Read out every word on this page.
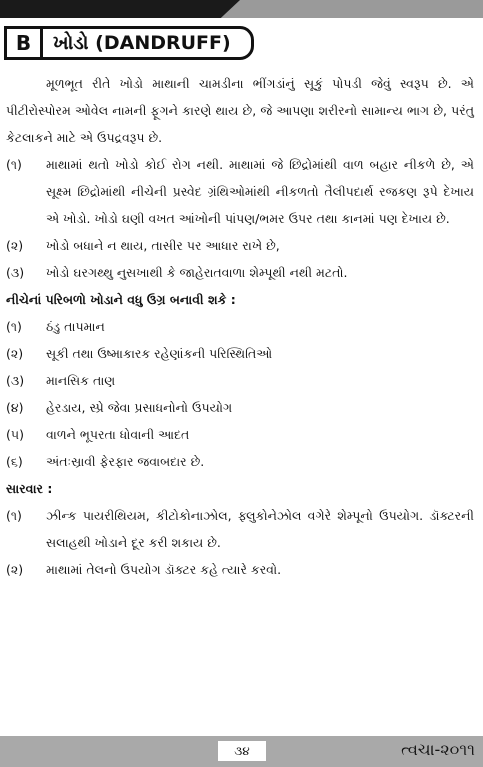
B	ખોડો (DANDRUFF)

મૂળભૂત રીતે ખોડો માથાની ચામડીના ભીંગડાંનું સૂકું પોપડી જેવું સ્વરૂપ છે. એ પીટીરોસ્પોરમ ઓવેલ નામની ફૂગને કારણે થાય છે, જે આપણા શરીરનો સામાન્ય ભાગ છે, પરંતુ કેટલાકને માટે એ ઉપદ્રવરૂપ છે.

(૧)	માથામાં થતો ખોડો કોઈ રોગ નથી. માથામાં જે છિદ્રોમાંથી વાળ બહાર નીકળે છે, એ સૂક્ષ્મ છિદ્રોમાંથી નીચેની પ્રસ્વેદ ગ્રંથિઓમાંથી નીકળતો તૈલીપદાર્થ રજકણ રૂપે દેખાય એ ખોડો. ખોડો ઘણી વખત આંખોની પાંપણ/ભમર ઉપર તથા કાનમાં પણ દેખાય છે.
(૨)	ખોડો બધાને ન થાય, તાસીર પર આધાર રાખે છે,
(૩)	ખોડો ઘરગથ્થુ નુસખાથી કે જાહેરાતવાળા શેમ્પૂથી નથી મટતો.
નીચેનાં પરિબળો ખોડાને વધુ ઉગ્ર બનાવી શકે :
(૧)	ઠંડુ તાપમાન
(૨)	સૂકી તથા ઉષ્માકારક રહેણાંકની પરિસ્થિતિઓ
(૩)	માનસિક તાણ
(૪)	હેરડાય, સ્પ્રે જેવા પ્રસાધનોનો ઉપયોગ
(૫)	વાળને ભૂપરતા ધોવાની આદત
(૬)	અંતઃસ્રાવી ફેરફાર જવાબદાર છે.
સારવાર :
(૧)	ઝીન્ક પાયરીથિયમ, કીટોકોનાઝોલ, ફ્લુકોનેઝોલ વગેરે શેમ્પૂનો ઉપયોગ. ડૉક્ટરની સલાહથી ખોડાને દૂર કરી શકાય છે.
(૨)	માથામાં તેલનો ઉપયોગ ડૉક્ટર કહે ત્યારે કરવો.
૩૪	ત્વચા-૨૦૧૧
